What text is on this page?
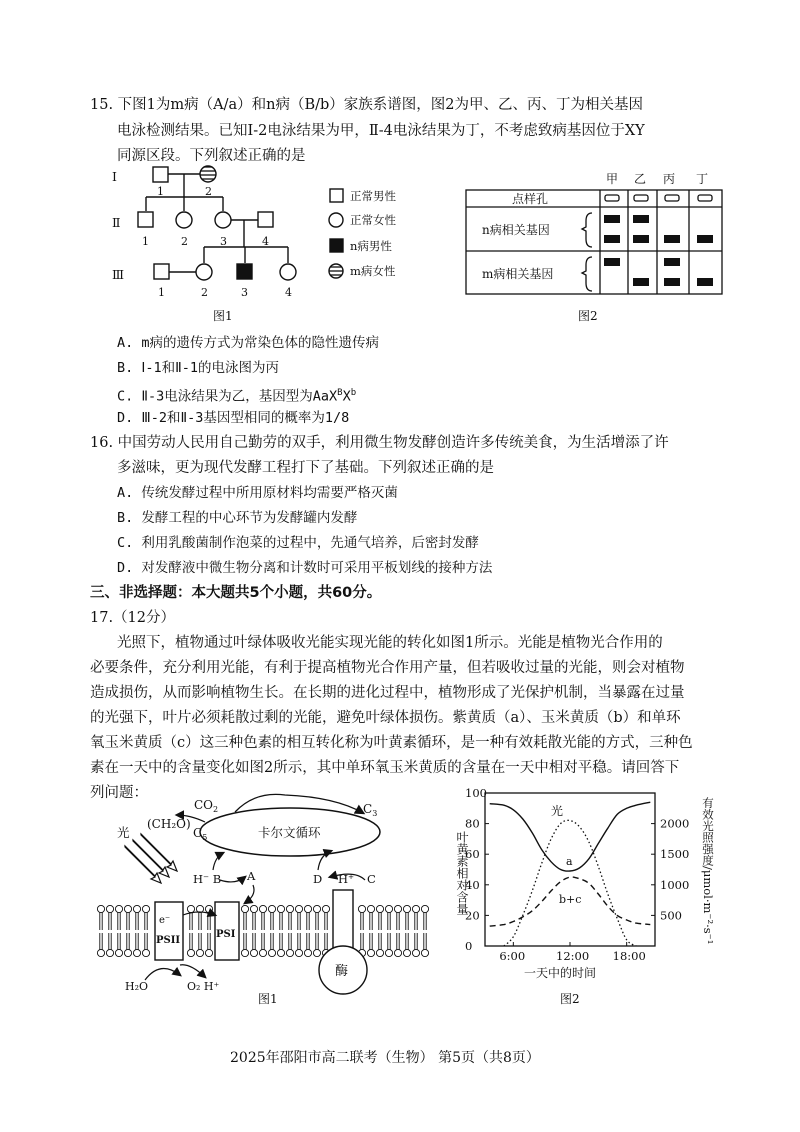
15. 下图1为m病（A/a）和n病（B/b）家族系谱图，图2为甲、乙、丙、丁为相关基因
电泳检测结果。已知Ⅰ-2电泳结果为甲，Ⅱ-4电泳结果为丁，不考虑致病基因位于XY
同源区段。下列叙述正确的是
Ⅰ
Ⅱ
Ⅲ
1	2
1	2	3	4
1	2	3	4
正常男性
正常女性
n病男性
m病女性
图1
甲 乙 丙 丁
点样孔
n病相关基因
m病相关基因
图2
A. m病的遗传方式为常染色体的隐性遗传病
B. Ⅰ-1和Ⅱ-1的电泳图为丙
C. Ⅱ-3电泳结果为乙，基因型为$AaX^BX^b$
D. Ⅲ-2和Ⅱ-3基因型相同的概率为1/8
16. 中国劳动人民用自己勤劳的双手，利用微生物发酵创造许多传统美食，为生活增添了许
多滋味，更为现代发酵工程打下了基础。下列叙述正确的是
A. 传统发酵过程中所用原材料均需要严格灭菌
B. 发酵工程的中心环节为发酵罐内发酵
C. 利用乳酸菌制作泡菜的过程中，先通气培养，后密封发酵
D. 对发酵液中微生物分离和计数时可采用平板划线的接种方法
三、非选择题：本大题共5个小题，共60分。
17.（12分）
光照下，植物通过叶绿体吸收光能实现光能的转化如图1所示。光能是植物光合作用的
必要条件，充分利用光能，有利于提高植物光合作用产量，但若吸收过量的光能，则会对植物
造成损伤，从而影响植物生长。在长期的进化过程中，植物形成了光保护机制，当暴露在过量
的光强下，叶片必须耗散过剩的光能，避免叶绿体损伤。紫黄质（a）、玉米黄质（b）和单环
氧玉米黄质（c）这三种色素的相互转化称为叶黄素循环，是一种有效耗散光能的方式，三种色
素在一天中的含量变化如图2所示，其中单环氧玉米黄质的含量在一天中相对平稳。请回答下
列问题：
卡尔文循环
$CO_2$	$C_3$
$C_5$
(CH₂O)
光
H⁻ B A	D H⁺ C
e⁻
PSII
PSI
酶
H₂O	O₂ H⁺
图1
0
20
40
60
80
100
500
1000
1500
2000
6:00	12:00 18:00
光
a
b+c
一天中的时间
图2
叶黄素相对含量	有效光照强度/μmol·m⁻²·s⁻¹
2025年邵阳市高二联考（生物） 第5页（共8页）
